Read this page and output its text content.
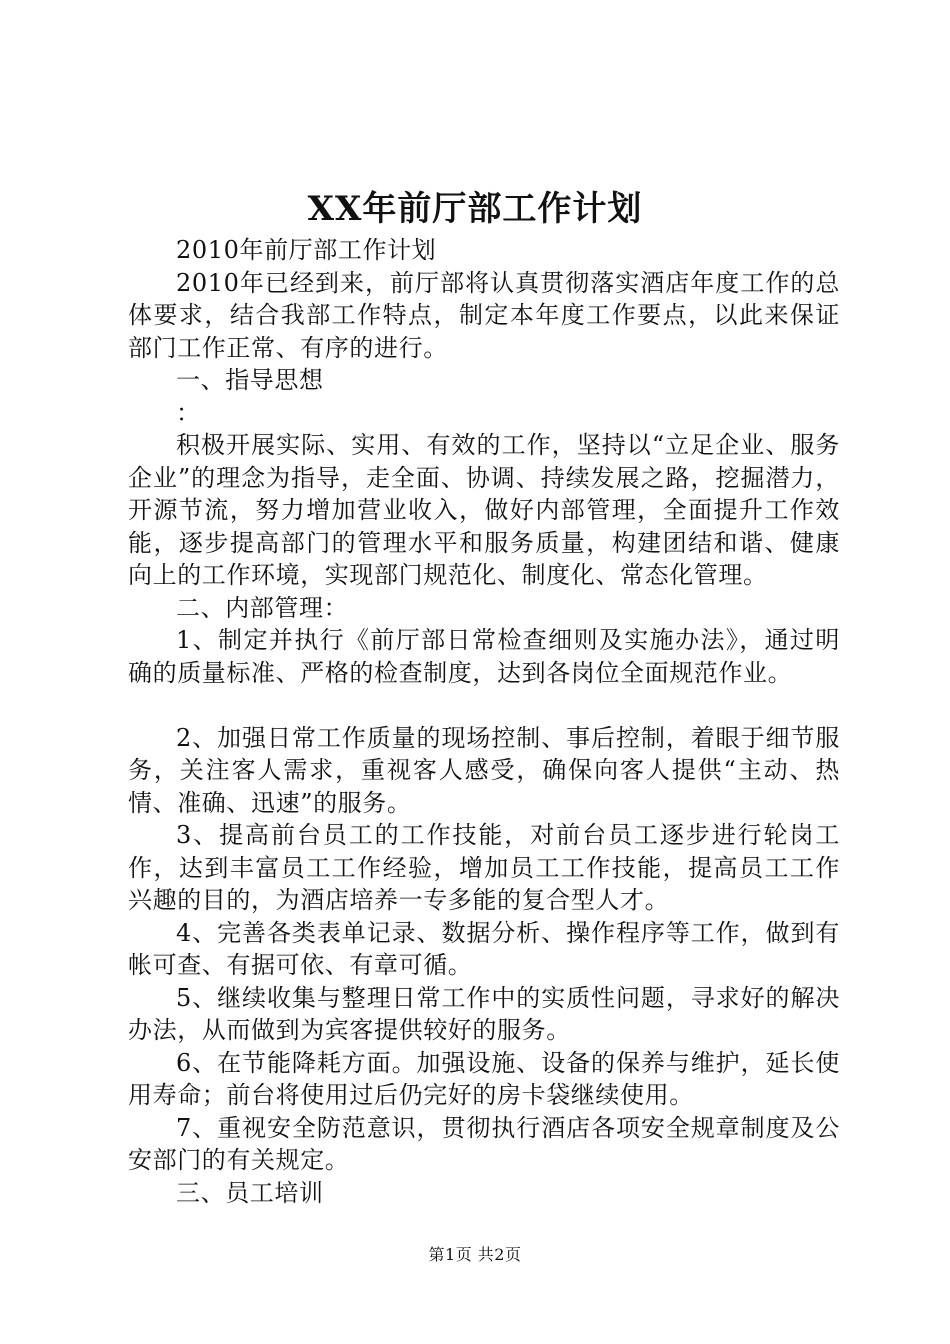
XX年前厅部工作计划

2010年前厅部工作计划

2010年已经到来，前厅部将认真贯彻落实酒店年度工作的总体要求，结合我部工作特点，制定本年度工作要点，以此来保证部门工作正常、有序的进行。

一、指导思想

：

积极开展实际、实用、有效的工作，坚持以“立足企业、服务企业”的理念为指导，走全面、协调、持续发展之路，挖掘潜力，开源节流，努力增加营业收入，做好内部管理，全面提升工作效能，逐步提高部门的管理水平和服务质量，构建团结和谐、健康向上的工作环境，实现部门规范化、制度化、常态化管理。

二、内部管理：

1、制定并执行《前厅部日常检查细则及实施办法》，通过明确的质量标准、严格的检查制度，达到各岗位全面规范作业。

2、加强日常工作质量的现场控制、事后控制，着眼于细节服务，关注客人需求，重视客人感受，确保向客人提供“主动、热情、准确、迅速”的服务。

3、提高前台员工的工作技能，对前台员工逐步进行轮岗工作，达到丰富员工工作经验，增加员工工作技能，提高员工工作兴趣的目的，为酒店培养一专多能的复合型人才。

4、完善各类表单记录、数据分析、操作程序等工作，做到有帐可查、有据可依、有章可循。

5、继续收集与整理日常工作中的实质性问题，寻求好的解决办法，从而做到为宾客提供较好的服务。

6、在节能降耗方面。加强设施、设备的保养与维护，延长使用寿命；前台将使用过后仍完好的房卡袋继续使用。

7、重视安全防范意识，贯彻执行酒店各项安全规章制度及公安部门的有关规定。

三、员工培训

第1页 共2页
